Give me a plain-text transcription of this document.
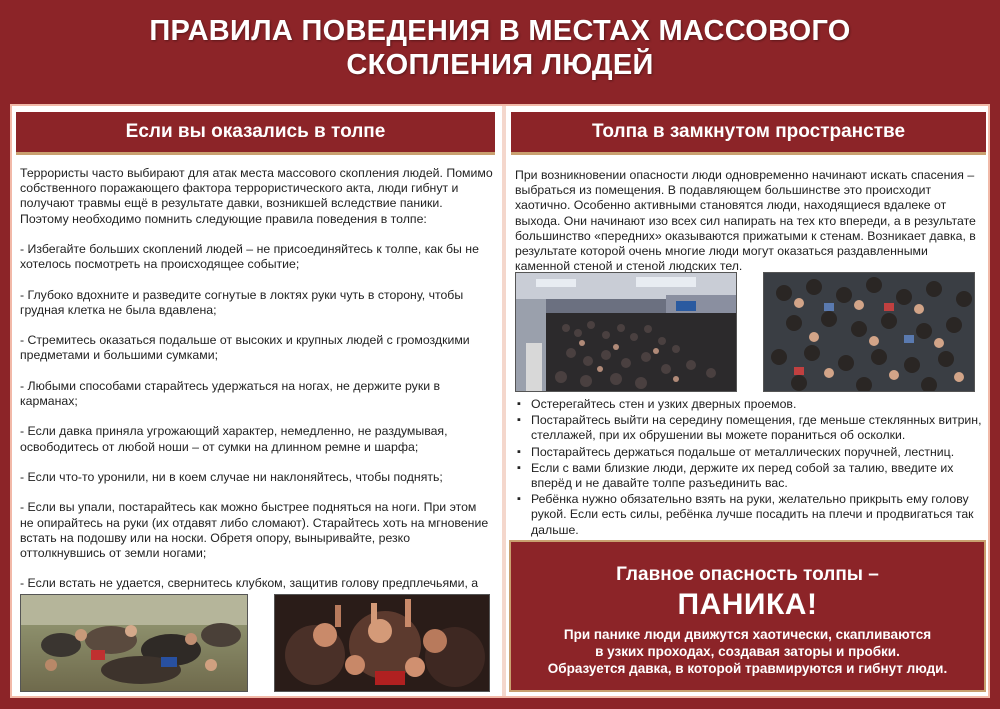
ПРАВИЛА ПОВЕДЕНИЯ В МЕСТАХ МАССОВОГО
СКОПЛЕНИЯ ЛЮДЕЙ
Если вы оказались в толпе

Террористы часто выбирают для атак места массового скопления людей. Помимо собственного поражающего фактора террористического акта, люди гибнут и получают травмы ещё в результате давки, возникшей вследствие паники. Поэтому необходимо помнить следующие правила поведения в толпе:

- Избегайте больших скоплений людей – не присоединяйтесь к толпе, как бы не хотелось посмотреть на происходящее событие;

- Глубоко вдохните и разведите согнутые в локтях руки чуть в сторону, чтобы грудная клетка не была вдавлена;

- Стремитесь оказаться подальше от высоких и крупных людей с громоздкими предметами и большими сумками;

- Любыми способами старайтесь удержаться на ногах, не держите руки в карманах;

- Если давка приняла угрожающий характер, немедленно, не раздумывая, освободитесь от любой ноши – от сумки на длинном ремне и шарфа;

- Если что-то уронили, ни в коем случае ни наклоняйтесь, чтобы поднять;

- Если вы упали, постарайтесь как можно быстрее подняться на ноги. При этом не опирайтесь на руки (их отдавят либо сломают). Старайтесь хоть на мгновение встать на подошву или на носки. Обретя опору, выныривайте, резко оттолкнувшись от земли ногами;

- Если встать не удается, свернитесь клубком, защитив голову предплечьями, а

Толпа в замкнутом пространстве

При возникновении опасности люди одновременно начинают искать спасения – выбраться из помещения. В подавляющем большинстве это происходит хаотично. Особенно активными становятся люди, находящиеся вдалеке от выхода. Они начинают изо всех сил напирать на тех кто впереди, а в результате большинство «передних» оказываются прижатыми к стенам. Возникает давка, в результате которой очень многие люди могут оказаться раздавленными каменной стеной и стеной людских тел.

▪ Остерегайтесь стен и узких дверных проемов.
▪ Постарайтесь выйти на середину помещения, где меньше стеклянных витрин, стеллажей, при их обрушении вы можете пораниться об осколки.
▪ Постарайтесь держаться подальше от металлических поручней, лестниц.
▪ Если с вами близкие люди, держите их перед собой за талию, введите их вперёд и не давайте толпе разъединить вас.
▪ Ребёнка нужно обязательно взять на руки, желательно прикрыть ему голову рукой. Если есть силы, ребёнка лучше посадить на плечи и продвигаться так дальше.
Главное опасность толпы –
ПАНИКА!
При панике люди движутся хаотически, скапливаются
в узких проходах, создавая заторы и пробки.
Образуется давка, в которой травмируются и гибнут люди.
